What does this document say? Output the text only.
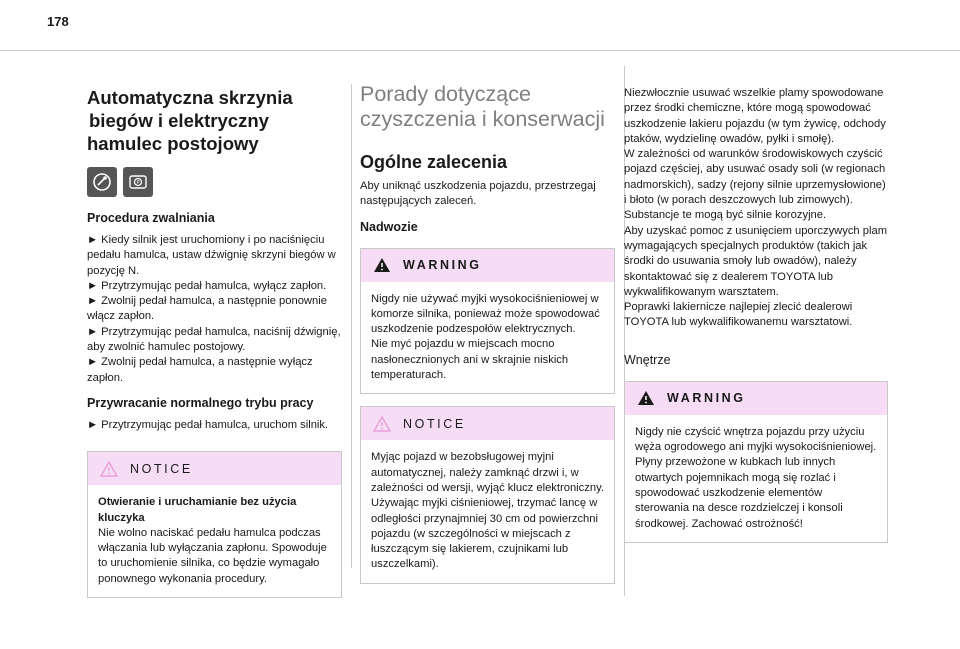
178
Automatyczna skrzynia
biegów i elektryczny
hamulec postojowy
P
Procedura zwalniania

► Kiedy silnik jest uruchomiony i po naciśnięciu pedału hamulca, ustaw dźwignię skrzyni biegów w pozycję N.
► Przytrzymując pedał hamulca, wyłącz zapłon.
► Zwolnij pedał hamulca, a następnie ponownie włącz zapłon.
► Przytrzymując pedał hamulca, naciśnij dźwignię, aby zwolnić hamulec postojowy.
► Zwolnij pedał hamulca, a następnie wyłącz zapłon.

Przywracanie normalnego trybu pracy

► Przytrzymując pedał hamulca, uruchom silnik.

NOTICE

Otwieranie i uruchamianie bez użycia kluczyka

Nie wolno naciskać pedału hamulca podczas włączania lub wyłączania zapłonu. Spowoduje to uruchomienie silnika, co będzie wymagało ponownego wykonania procedury.

Porady dotyczące czyszczenia i konserwacji
Ogólne zalecenia

Aby uniknąć uszkodzenia pojazdu, przestrzegaj następujących zaleceń.

Nadwozie
WARNING

Nigdy nie używać myjki wysokociśnieniowej w komorze silnika, ponieważ może spowodować uszkodzenie podzespołów elektrycznych.
Nie myć pojazdu w miejscach mocno nasłonecznionych ani w skrajnie niskich temperaturach.

NOTICE

Myjąc pojazd w bezobsługowej myjni automatycznej, należy zamknąć drzwi i, w zależności od wersji, wyjąć klucz elektroniczny.
Używając myjki ciśnieniowej, trzymać lancę w odległości przynajmniej 30 cm od powierzchni pojazdu (w szczególności w miejscach z łuszczącym się lakierem, czujnikami lub uszczelkami).

Niezwłocznie usuwać wszelkie plamy spowodowane przez środki chemiczne, które mogą spowodować uszkodzenie lakieru pojazdu (w tym żywicę, odchody ptaków, wydzielinę owadów, pyłki i smołę).
W zależności od warunków środowiskowych czyścić pojazd częściej, aby usuwać osady soli (w regionach nadmorskich), sadzy (rejony silnie uprzemysłowione) i błoto (w porach deszczowych lub zimowych). Substancje te mogą być silnie korozyjne.
Aby uzyskać pomoc z usunięciem uporczywych plam wymagających specjalnych produktów (takich jak środki do usuwania smoły lub owadów), należy skontaktować się z dealerem TOYOTA lub wykwalifikowanym warsztatem.
Poprawki lakiernicze najlepiej zlecić dealerowi TOYOTA lub wykwalifikowanemu warsztatowi.

Wnętrze
WARNING

Nigdy nie czyścić wnętrza pojazdu przy użyciu węża ogrodowego ani myjki wysokociśnieniowej.
Płyny przewożone w kubkach lub innych otwartych pojemnikach mogą się rozlać i spowodować uszkodzenie elementów sterowania na desce rozdzielczej i konsoli środkowej. Zachować ostrożność!
